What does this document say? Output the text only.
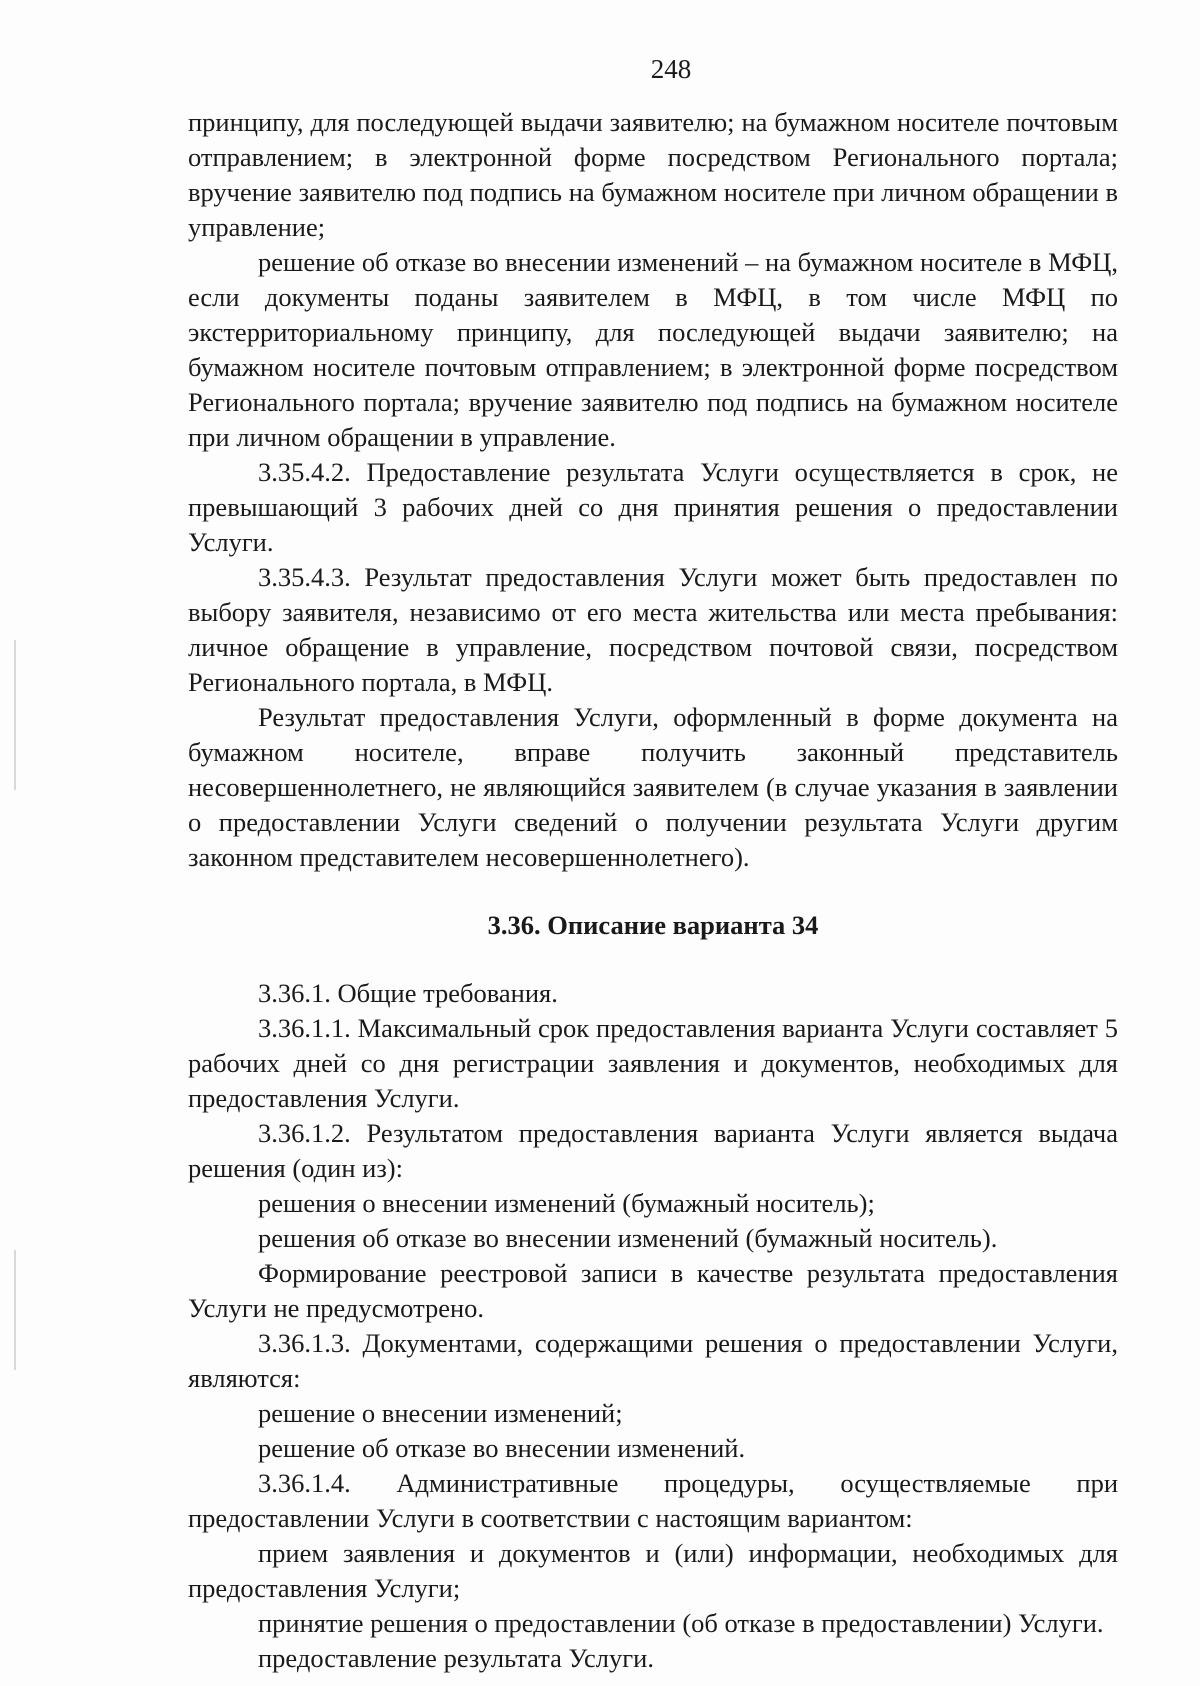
248

принципу, для последующей выдачи заявителю; на бумажном носителе почтовым отправлением; в электронной форме посредством Регионального портала; вручение заявителю под подпись на бумажном носителе при личном обращении в управление;

решение об отказе во внесении изменений – на бумажном носителе в МФЦ, если документы поданы заявителем в МФЦ, в том числе МФЦ по экстерриториальному принципу, для последующей выдачи заявителю; на бумажном носителе почтовым отправлением; в электронной форме посредством Регионального портала; вручение заявителю под подпись на бумажном носителе при личном обращении в управление.

3.35.4.2. Предоставление результата Услуги осуществляется в срок, не превышающий 3 рабочих дней со дня принятия решения о предоставлении Услуги.

3.35.4.3. Результат предоставления Услуги может быть предоставлен по выбору заявителя, независимо от его места жительства или места пребывания: личное обращение в управление, посредством почтовой связи, посредством Регионального портала, в МФЦ.

Результат предоставления Услуги, оформленный в форме документа на бумажном носителе, вправе получить законный представитель несовершеннолетнего, не являющийся заявителем (в случае указания в заявлении о предоставлении Услуги сведений о получении результата Услуги другим законном представителем несовершеннолетнего).

3.36. Описание варианта 34

3.36.1. Общие требования.

3.36.1.1. Максимальный срок предоставления варианта Услуги составляет 5 рабочих дней со дня регистрации заявления и документов, необходимых для предоставления Услуги.

3.36.1.2. Результатом предоставления варианта Услуги является выдача решения (один из):

решения о внесении изменений (бумажный носитель);

решения об отказе во внесении изменений (бумажный носитель).

Формирование реестровой записи в качестве результата предоставления Услуги не предусмотрено.

3.36.1.3. Документами, содержащими решения о предоставлении Услуги, являются:

решение о внесении изменений;

решение об отказе во внесении изменений.

3.36.1.4. Административные процедуры, осуществляемые при предоставлении Услуги в соответствии с настоящим вариантом:

прием заявления и документов и (или) информации, необходимых для предоставления Услуги;

принятие решения о предоставлении (об отказе в предоставлении) Услуги.

предоставление результата Услуги.
